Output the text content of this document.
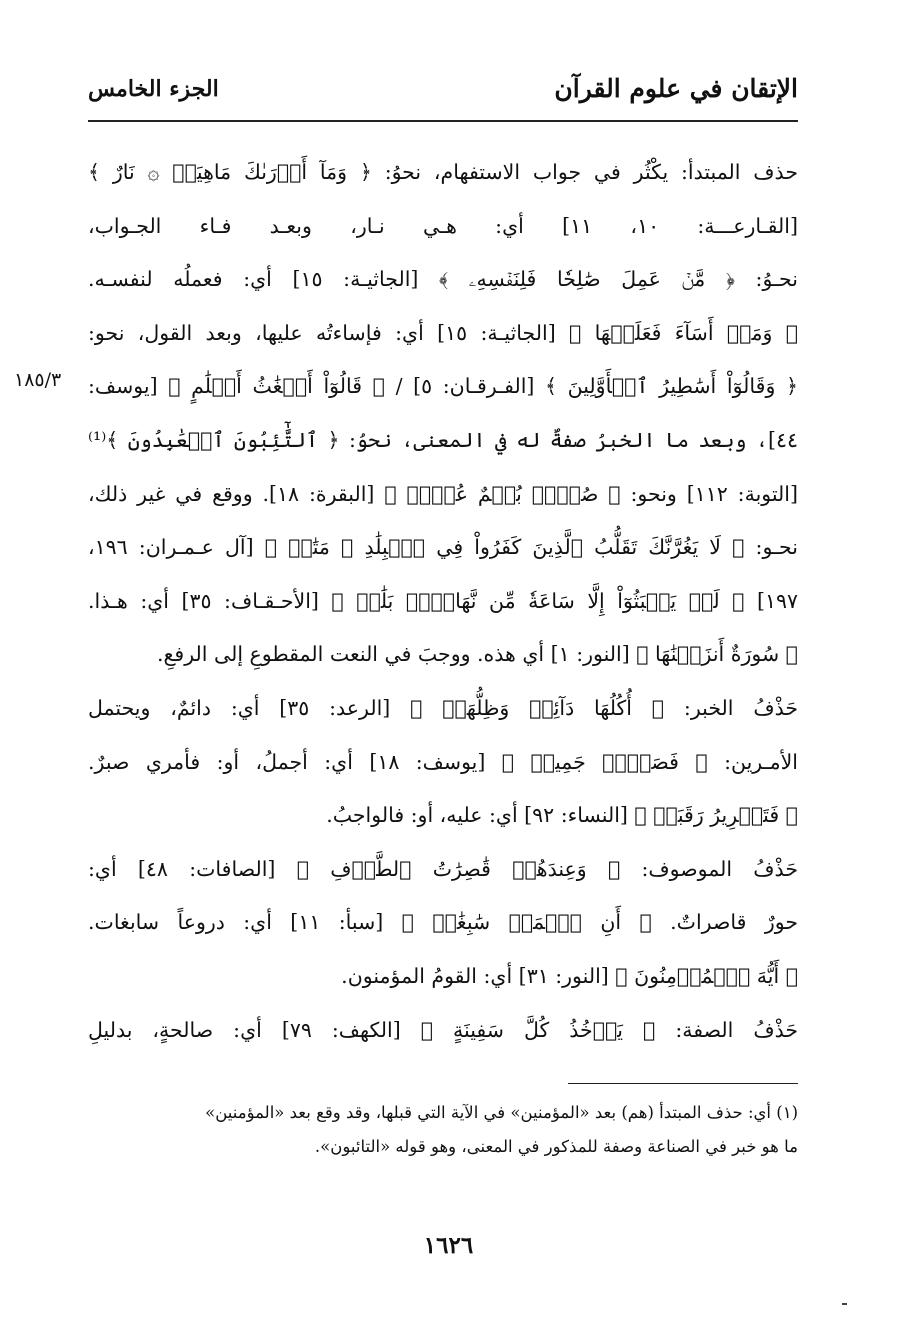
الإتقان في علوم القرآن
الجزء الخامس
١٨٥/٣
حذف المبتدأ: يكْثُر في جواب الاستفهام، نحوُ: ﴿ وَمَآ أَدۡرَىٰكَ مَاهِيَهۡ ۞ نَارٌ ﴾
[القـارعـــة: ١٠، ١١] أي: هـي نـار، وبعـد فـاء الجـواب،
نحـوُ: ﴿ مَّنۡ عَمِلَ صَٰلِحٗا فَلِنَفۡسِهِۦ ﴾ [الجاثيـة: ١٥] أي: فعملُه لنفسـه.
﴿ وَمَنۡ أَسَآءَ فَعَلَيۡهَا ﴾ [الجاثيـة: ١٥] أي: فإساءتُه عليها، وبعد القول، نحو:
﴿ وَقَالُوٓاْ أَسَٰطِيرُ ٱلۡأَوَّلِينَ ﴾ [الفـرقـان: ٥] / ﴿ قَالُوٓاْ أَضۡغَٰثُ أَحۡلَٰمٍ ﴾ [يوسف:
٤٤]، وبعد ما الخبرُ صفةٌ له في المعنى، نحوُ: ﴿ ٱلتَّٰٓئِبُونَ ٱلۡعَٰبِدُونَ ﴾⁽¹⁾
[التوبة: ١١٢] ونحو: ﴿ صُمُّۢ بُكۡمٌ عُمۡيٞ ﴾ [البقرة: ١٨]. ووقع في غير ذلك،
نحـو: ﴿ لَا يَغُرَّنَّكَ تَقَلُّبُ ٱلَّذِينَ كَفَرُواْ فِي ٱلۡبِلَٰدِ ۞ مَتَٰعٞ ﴾ [آل عـمـران: ١٩٦،
١٩٧] ﴿ لَمۡ يَلۡبَثُوٓاْ إِلَّا سَاعَةٗ مِّن نَّهَارِۭۚ بَلَٰغٞ ﴾ [الأحـقـاف: ٣٥] أي: هـذا.
﴿ سُورَةٌ أَنزَلۡنَٰهَا ﴾ [النور: ١] أي هذه. ووجبَ في النعت المقطوعِ إلى الرفعِ.
حَذْفُ الخبر: ﴿ أُكُلُهَا دَآئِمٞ وَظِلُّهَاۚ ﴾ [الرعد: ٣٥] أي: دائمٌ، ويحتمل
الأمـرين: ﴿ فَصَبۡرٞ جَمِيلٞ ﴾ [يوسف: ١٨] أي: أجملُ، أو: فأمري صبرٌ.
﴿ فَتَحۡرِيرُ رَقَبَةٖ ﴾ [النساء: ٩٢] أي: عليه، أو: فالواجبُ.
حَذْفُ الموصوف: ﴿ وَعِندَهُمۡ قَٰصِرَٰتُ ٱلطَّرۡفِ ﴾ [الصافات: ٤٨] أي:
حورٌ قاصراتٌ. ﴿ أَنِ ٱعۡمَلۡ سَٰبِغَٰتٖ ﴾ [سبأ: ١١] أي: دروعاً سابغات.
﴿ أَيُّهَ ٱلۡمُؤۡمِنُونَ ﴾ [النور: ٣١] أي: القومُ المؤمنون.
حَذْفُ الصفة: ﴿ يَأۡخُذُ كُلَّ سَفِينَةٍ ﴾ [الكهف: ٧٩] أي: صالحةٍ، بدليلِ
(١) أي: حذف المبتدأ (هم) بعد «المؤمنين» في الآية التي قبلها، وقد وقع بعد «المؤمنين»
ما هو خبر في الصناعة وصفة للمذكور في المعنى، وهو قوله «التائبون».
١٦٢٦
